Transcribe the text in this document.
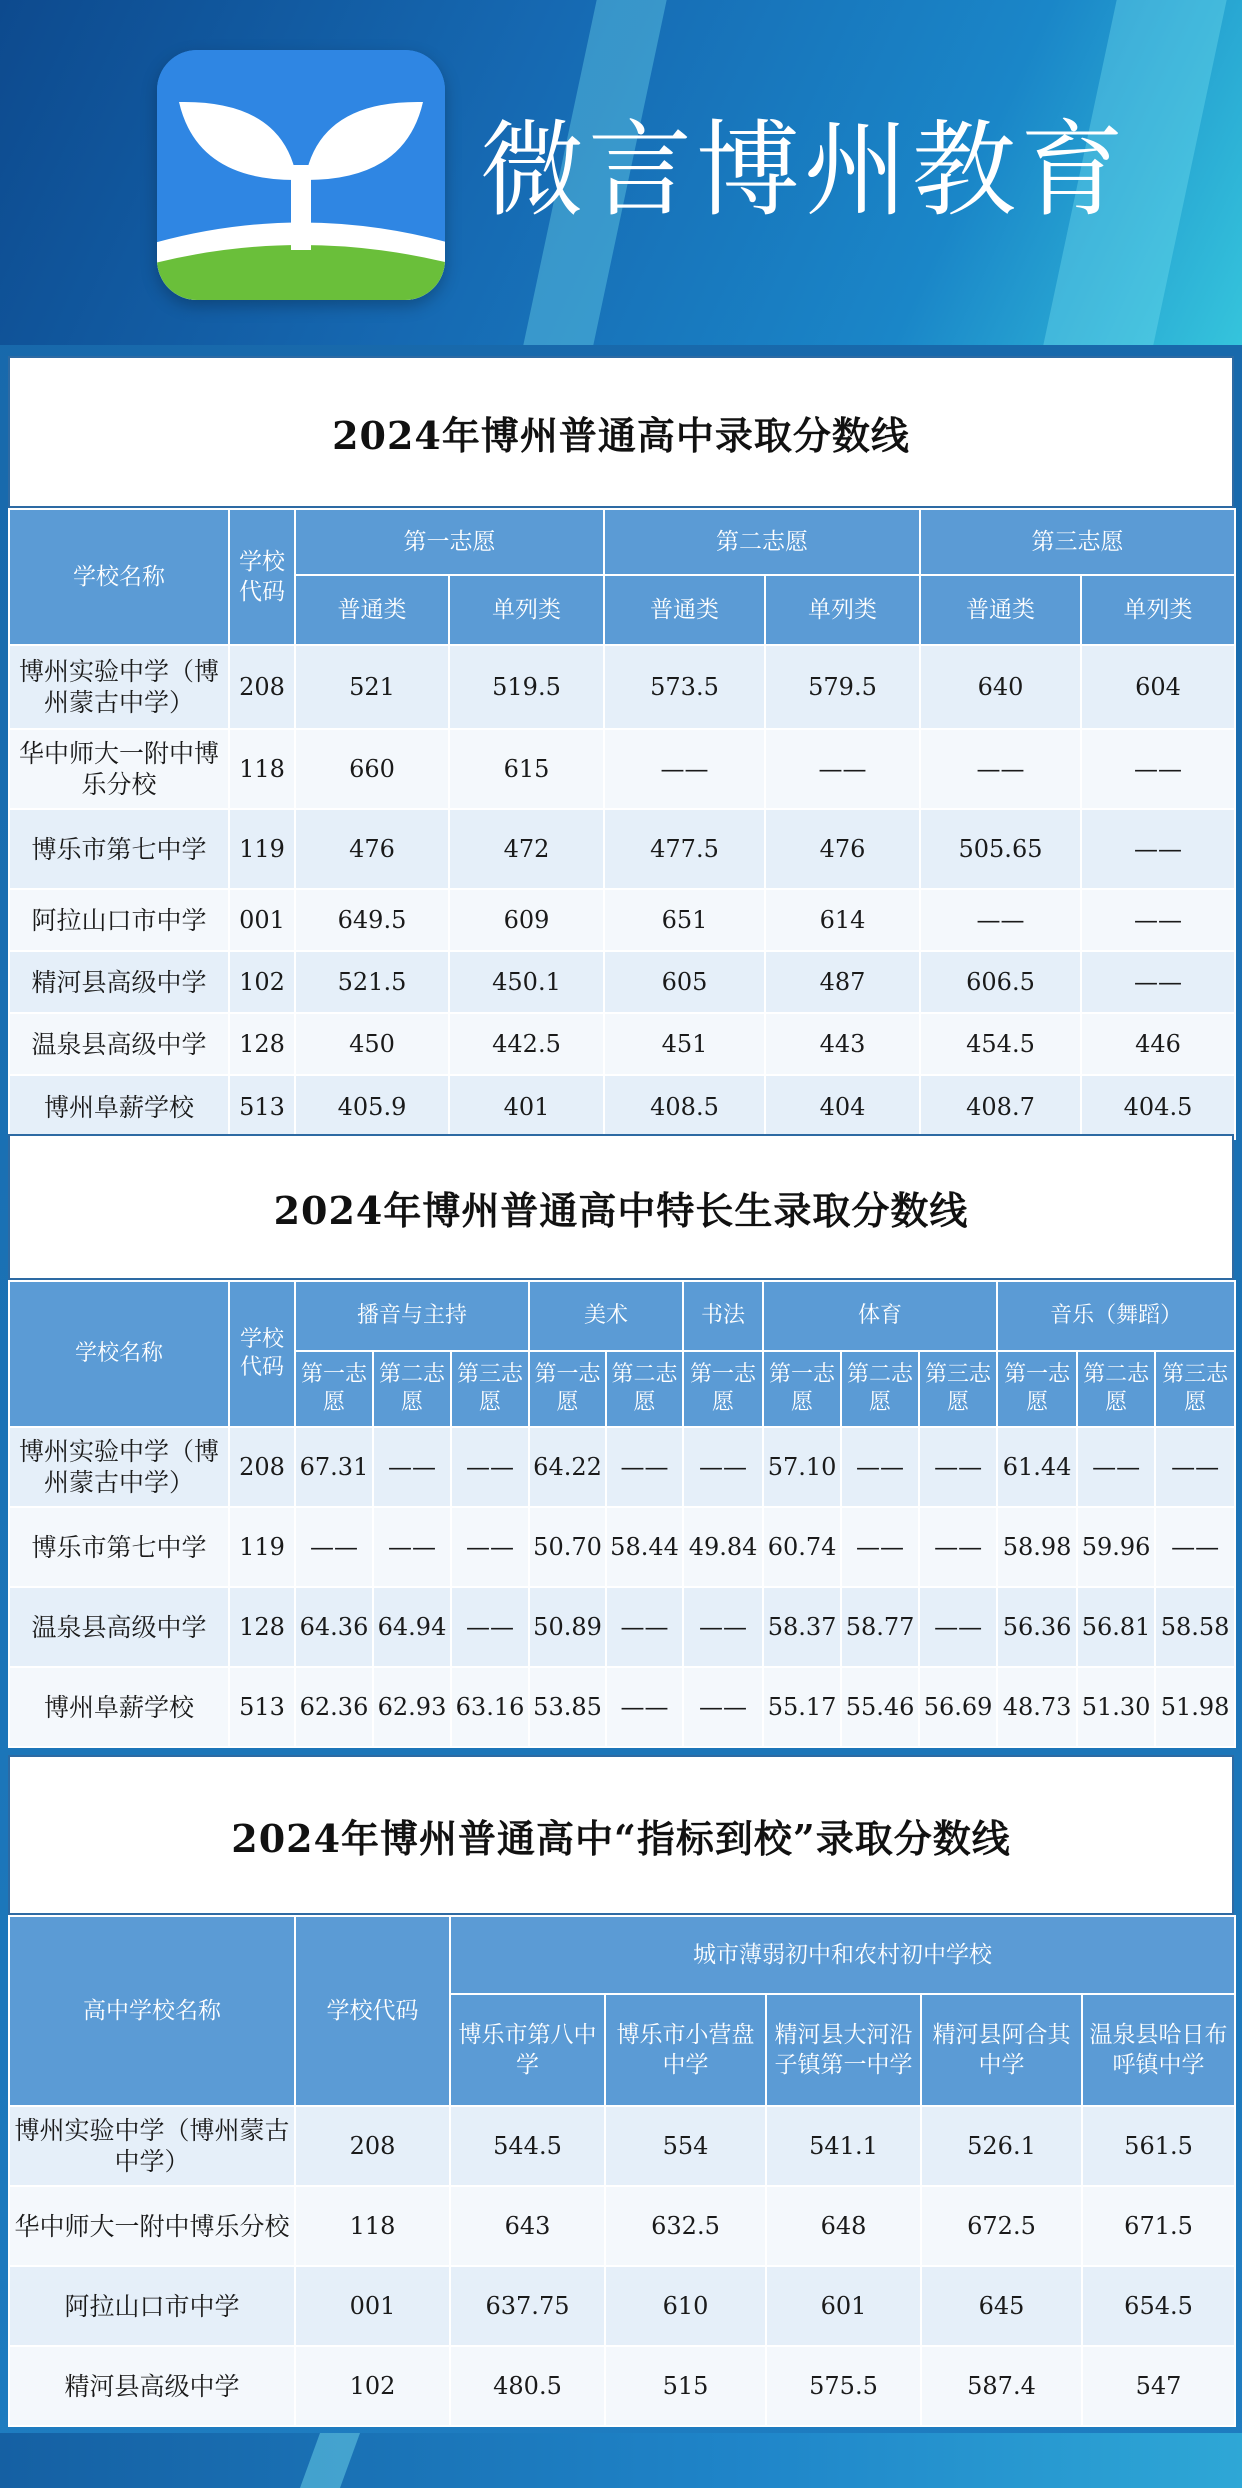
微言博州教育
2024年博州普通高中录取分数线
学校名称	学校代码	第一志愿		第二志愿		第三志愿	
		普通类	单列类	普通类	单列类	普通类	单列类
博州实验中学（博州蒙古中学）	208	521	519.5	573.5	579.5	640	604
华中师大一附中博乐分校	118	660	615	——	——	——	——
博乐市第七中学	119	476	472	477.5	476	505.65	——
阿拉山口市中学	001	649.5	609	651	614	——	——
精河县高级中学	102	521.5	450.1	605	487	606.5	——
温泉县高级中学	128	450	442.5	451	443	454.5	446
博州阜薪学校	513	405.9	401	408.5	404	408.7	404.5
2024年博州普通高中特长生录取分数线
学校名称	学校代码	播音与主持			美术		书法	体育			音乐（舞蹈）		
		第一志愿	第二志愿	第三志愿	第一志愿	第二志愿	第一志愿	第一志愿	第二志愿	第三志愿	第一志愿	第二志愿	第三志愿
博州实验中学（博州蒙古中学）	208	67.31	——	——	64.22	——	——	57.10	——	——	61.44	——	——
博乐市第七中学	119	——	——	——	50.70	58.44	49.84	60.74	——	——	58.98	59.96	——
温泉县高级中学	128	64.36	64.94	——	50.89	——	——	58.37	58.77	——	56.36	56.81	58.58
博州阜薪学校	513	62.36	62.93	63.16	53.85	——	——	55.17	55.46	56.69	48.73	51.30	51.98
2024年博州普通高中“指标到校”录取分数线
高中学校名称	学校代码	城市薄弱初中和农村初中学校				
		博乐市第八中学	博乐市小营盘中学	精河县大河沿子镇第一中学	精河县阿合其中学	温泉县哈日布呼镇中学
博州实验中学（博州蒙古中学）	208	544.5	554	541.1	526.1	561.5
华中师大一附中博乐分校	118	643	632.5	648	672.5	671.5
阿拉山口市中学	001	637.75	610	601	645	654.5
精河县高级中学	102	480.5	515	575.5	587.4	547
